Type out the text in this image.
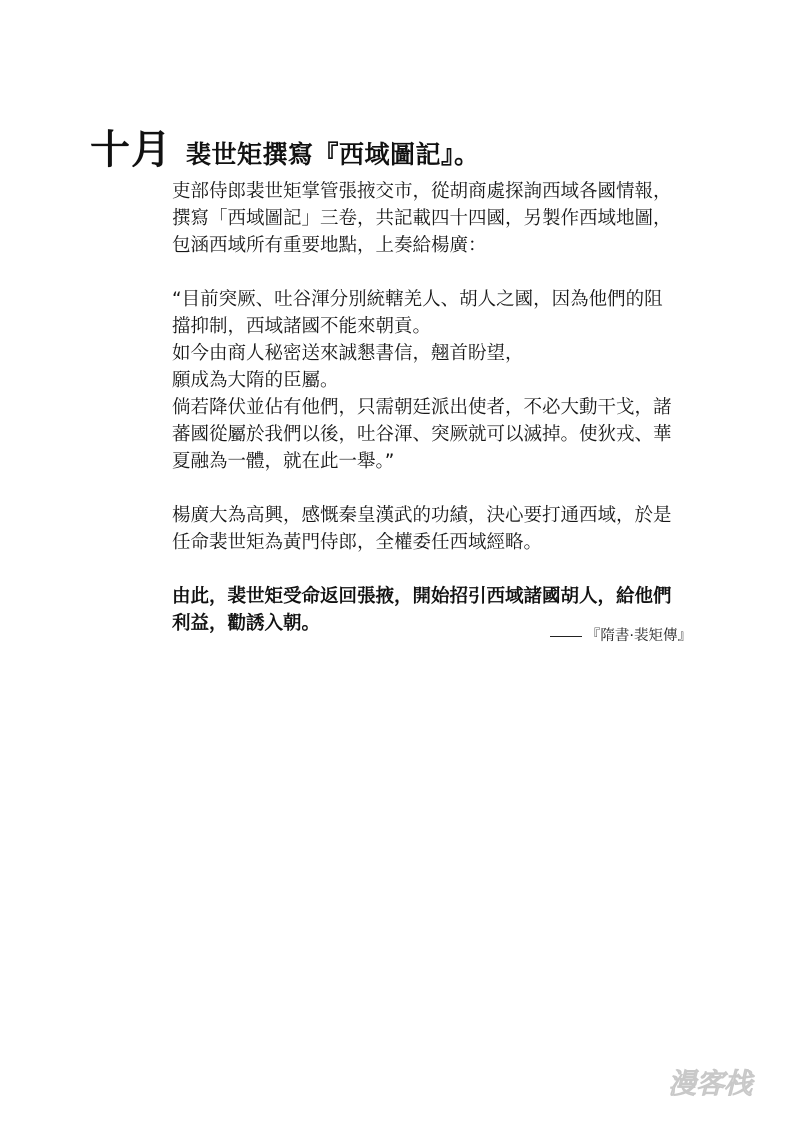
十月 裴世矩撰寫『西域圖記』。
吏部侍郎裴世矩掌管張掖交市，從胡商處探詢西域各國情報，
撰寫「西域圖記」三卷，共記載四十四國，另製作西域地圖，
包涵西域所有重要地點，上奏給楊廣：
“目前突厥、吐谷渾分別統轄羌人、胡人之國，因為他們的阻
擋抑制，西域諸國不能來朝貢。
如今由商人秘密送來誠懇書信，翹首盼望，
願成為大隋的臣屬。
倘若降伏並佔有他們，只需朝廷派出使者，不必大動干戈，諸
蕃國從屬於我們以後，吐谷渾、突厥就可以滅掉。使狄戎、華
夏融為一體，就在此一舉。”
楊廣大為高興，感慨秦皇漢武的功績，決心要打通西域，於是
任命裴世矩為黃門侍郎，全權委任西域經略。
由此，裴世矩受命返回張掖，開始招引西域諸國胡人，給他們
利益，勸誘入朝。
『隋書·裴矩傳』
漫客栈
